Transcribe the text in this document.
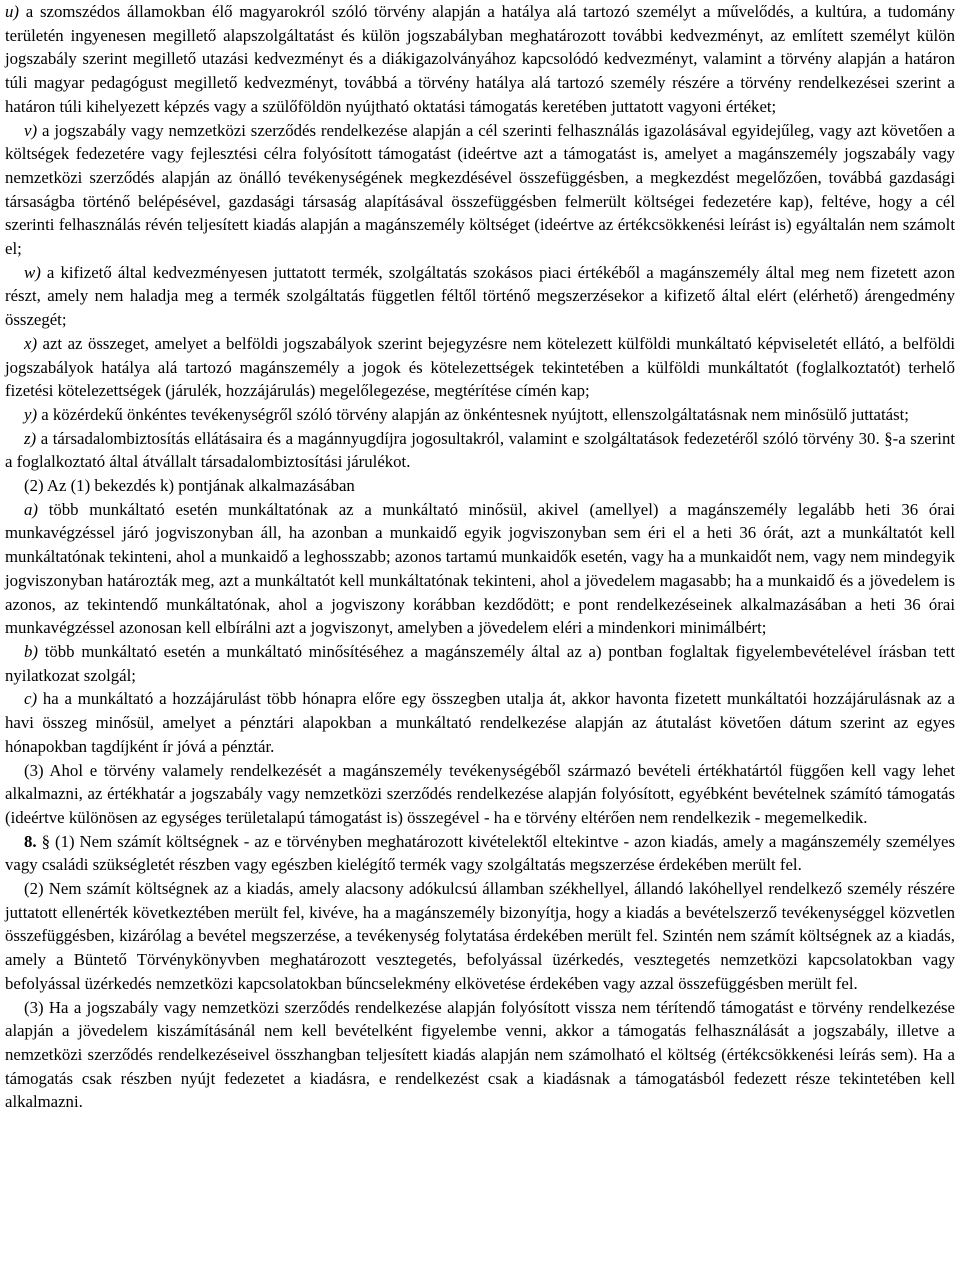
u) a szomszédos államokban élő magyarokról szóló törvény alapján a hatálya alá tartozó személyt a művelődés, a kultúra, a tudomány területén ingyenesen megillető alapszolgáltatást és külön jogszabályban meghatározott további kedvezményt, az említett személyt külön jogszabály szerint megillető utazási kedvezményt és a diákigazolványához kapcsolódó kedvezményt, valamint a törvény alapján a határon túli magyar pedagógust megillető kedvezményt, továbbá a törvény hatálya alá tartozó személy részére a törvény rendelkezései szerint a határon túli kihelyezett képzés vagy a szülőföldön nyújtható oktatási támogatás keretében juttatott vagyoni értéket;

v) a jogszabály vagy nemzetközi szerződés rendelkezése alapján a cél szerinti felhasználás igazolásával egyidejűleg, vagy azt követően a költségek fedezetére vagy fejlesztési célra folyósított támogatást (ideértve azt a támogatást is, amelyet a magánszemély jogszabály vagy nemzetközi szerződés alapján az önálló tevékenységének megkezdésével összefüggésben, a megkezdést megelőzően, továbbá gazdasági társaságba történő belépésével, gazdasági társaság alapításával összefüggésben felmerült költségei fedezetére kap), feltéve, hogy a cél szerinti felhasználás révén teljesített kiadás alapján a magánszemély költséget (ideértve az értékcsökkenési leírást is) egyáltalán nem számolt el;

w) a kifizető által kedvezményesen juttatott termék, szolgáltatás szokásos piaci értékéből a magánszemély által meg nem fizetett azon részt, amely nem haladja meg a termék szolgáltatás független féltől történő megszerzésekor a kifizető által elért (elérhető) árengedmény összegét;

x) azt az összeget, amelyet a belföldi jogszabályok szerint bejegyzésre nem kötelezett külföldi munkáltató képviseletét ellátó, a belföldi jogszabályok hatálya alá tartozó magánszemély a jogok és kötelezettségek tekintetében a külföldi munkáltatót (foglalkoztatót) terhelő fizetési kötelezettségek (járulék, hozzájárulás) megelőlegezése, megtérítése címén kap;

y) a közérdekű önkéntes tevékenységről szóló törvény alapján az önkéntesnek nyújtott, ellenszolgáltatásnak nem minősülő juttatást;

z) a társadalombiztosítás ellátásaira és a magánnyugdíjra jogosultakról, valamint e szolgáltatások fedezetéről szóló törvény 30. §-a szerint a foglalkoztató által átvállalt társadalombiztosítási járulékot.

(2) Az (1) bekezdés k) pontjának alkalmazásában

a) több munkáltató esetén munkáltatónak az a munkáltató minősül, akivel (amellyel) a magánszemély legalább heti 36 órai munkavégzéssel járó jogviszonyban áll, ha azonban a munkaidő egyik jogviszonyban sem éri el a heti 36 órát, azt a munkáltatót kell munkáltatónak tekinteni, ahol a munkaidő a leghosszabb; azonos tartamú munkaidők esetén, vagy ha a munkaidőt nem, vagy nem mindegyik jogviszonyban határozták meg, azt a munkáltatót kell munkáltatónak tekinteni, ahol a jövedelem magasabb; ha a munkaidő és a jövedelem is azonos, az tekintendő munkáltatónak, ahol a jogviszony korábban kezdődött; e pont rendelkezéseinek alkalmazásában a heti 36 órai munkavégzéssel azonosan kell elbírálni azt a jogviszonyt, amelyben a jövedelem eléri a mindenkori minimálbért;

b) több munkáltató esetén a munkáltató minősítéséhez a magánszemély által az a) pontban foglaltak figyelembevételével írásban tett nyilatkozat szolgál;

c) ha a munkáltató a hozzájárulást több hónapra előre egy összegben utalja át, akkor havonta fizetett munkáltatói hozzájárulásnak az a havi összeg minősül, amelyet a pénztári alapokban a munkáltató rendelkezése alapján az átutalást követően dátum szerint az egyes hónapokban tagdíjként ír jóvá a pénztár.

(3) Ahol e törvény valamely rendelkezését a magánszemély tevékenységéből származó bevételi értékhatártól függően kell vagy lehet alkalmazni, az értékhatár a jogszabály vagy nemzetközi szerződés rendelkezése alapján folyósított, egyébként bevételnek számító támogatás (ideértve különösen az egységes területalapú támogatást is) összegével - ha e törvény eltérően nem rendelkezik - megemelkedik.

8. § (1) Nem számít költségnek - az e törvényben meghatározott kivételektől eltekintve - azon kiadás, amely a magánszemély személyes vagy családi szükségletét részben vagy egészben kielégítő termék vagy szolgáltatás megszerzése érdekében merült fel.

(2) Nem számít költségnek az a kiadás, amely alacsony adókulcsú államban székhellyel, állandó lakóhellyel rendelkező személy részére juttatott ellenérték következtében merült fel, kivéve, ha a magánszemély bizonyítja, hogy a kiadás a bevételszerző tevékenységgel közvetlen összefüggésben, kizárólag a bevétel megszerzése, a tevékenység folytatása érdekében merült fel. Szintén nem számít költségnek az a kiadás, amely a Büntető Törvénykönyvben meghatározott vesztegetés, befolyással üzérkedés, vesztegetés nemzetközi kapcsolatokban vagy befolyással üzérkedés nemzetközi kapcsolatokban bűncselekmény elkövetése érdekében vagy azzal összefüggésben merült fel.

(3) Ha a jogszabály vagy nemzetközi szerződés rendelkezése alapján folyósított vissza nem térítendő támogatást e törvény rendelkezése alapján a jövedelem kiszámításánál nem kell bevételként figyelembe venni, akkor a támogatás felhasználását a jogszabály, illetve a nemzetközi szerződés rendelkezéseivel összhangban teljesített kiadás alapján nem számolható el költség (értékcsökkenési leírás sem). Ha a támogatás csak részben nyújt fedezetet a kiadásra, e rendelkezést csak a kiadásnak a támogatásból fedezett része tekintetében kell alkalmazni.
